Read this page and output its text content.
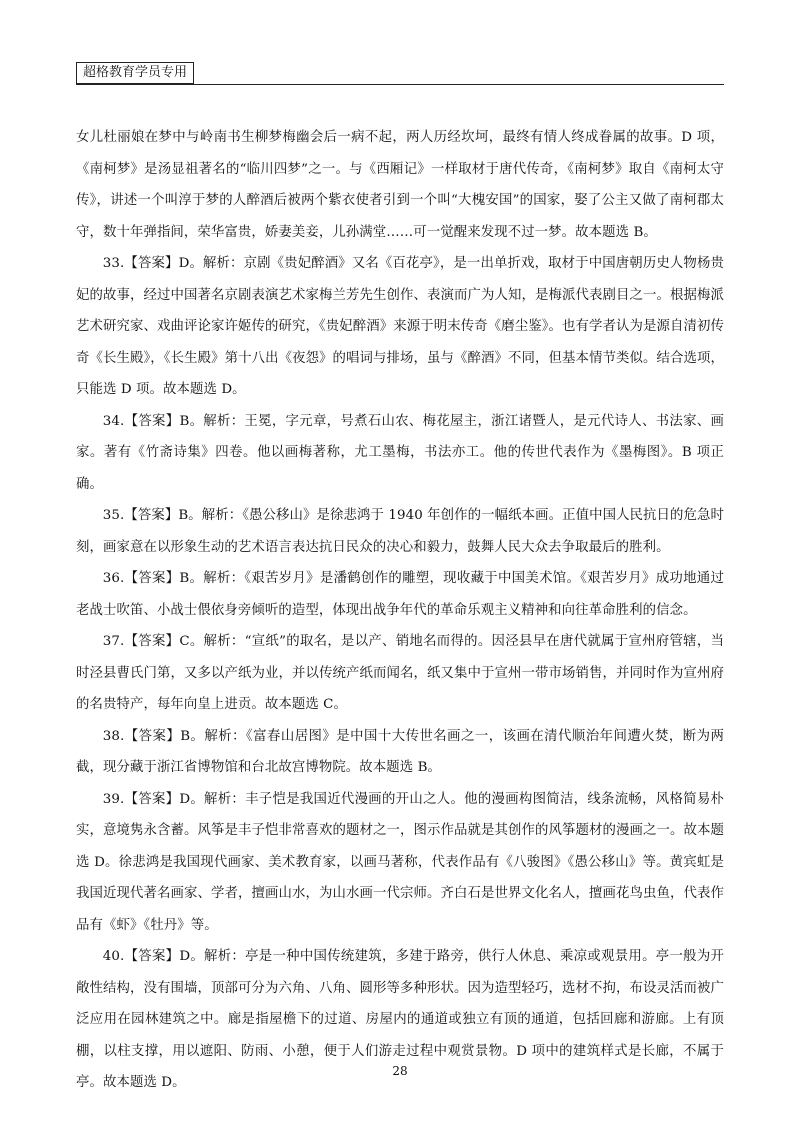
超格教育学员专用

女儿杜丽娘在梦中与岭南书生柳梦梅幽会后一病不起，两人历经坎坷，最终有情人终成眷属的故事。D 项，《南柯梦》是汤显祖著名的“临川四梦”之一。与《西厢记》一样取材于唐代传奇，《南柯梦》取自《南柯太守传》，讲述一个叫淳于梦的人醉酒后被两个紫衣使者引到一个叫“大槐安国”的国家，娶了公主又做了南柯郡太守，数十年弹指间，荣华富贵，娇妻美妾，儿孙满堂……可一觉醒来发现不过一梦。故本题选 B。

33.【答案】D。解析：京剧《贵妃醉酒》又名《百花亭》，是一出单折戏，取材于中国唐朝历史人物杨贵妃的故事，经过中国著名京剧表演艺术家梅兰芳先生创作、表演而广为人知，是梅派代表剧目之一。根据梅派艺术研究家、戏曲评论家许姬传的研究，《贵妃醉酒》来源于明末传奇《磨尘鉴》。也有学者认为是源自清初传奇《长生殿》，《长生殿》第十八出《夜怨》的唱词与排场，虽与《醉酒》不同，但基本情节类似。结合选项，只能选 D 项。故本题选 D。

34.【答案】B。解析：王冕，字元章，号煮石山农、梅花屋主，浙江诸暨人，是元代诗人、书法家、画家。著有《竹斋诗集》四卷。他以画梅著称，尤工墨梅，书法亦工。他的传世代表作为《墨梅图》。B 项正确。

35.【答案】B。解析：《愚公移山》是徐悲鸿于 1940 年创作的一幅纸本画。正值中国人民抗日的危急时刻，画家意在以形象生动的艺术语言表达抗日民众的决心和毅力，鼓舞人民大众去争取最后的胜利。

36.【答案】B。解析：《艰苦岁月》是潘鹤创作的雕塑，现收藏于中国美术馆。《艰苦岁月》成功地通过老战士吹笛、小战士偎依身旁倾听的造型，体现出战争年代的革命乐观主义精神和向往革命胜利的信念。

37.【答案】C。解析：“宣纸”的取名，是以产、销地名而得的。因泾县早在唐代就属于宣州府管辖，当时泾县曹氏门第，又多以产纸为业，并以传统产纸而闻名，纸又集中于宣州一带市场销售，并同时作为宣州府的名贵特产，每年向皇上进贡。故本题选 C。

38.【答案】B。解析：《富春山居图》是中国十大传世名画之一，该画在清代顺治年间遭火焚，断为两截，现分藏于浙江省博物馆和台北故宫博物院。故本题选 B。

39.【答案】D。解析：丰子恺是我国近代漫画的开山之人。他的漫画构图简洁，线条流畅，风格简易朴实，意境隽永含蓄。风筝是丰子恺非常喜欢的题材之一，图示作品就是其创作的风筝题材的漫画之一。故本题选 D。徐悲鸿是我国现代画家、美术教育家，以画马著称，代表作品有《八骏图》《愚公移山》等。黄宾虹是我国近现代著名画家、学者，擅画山水，为山水画一代宗师。齐白石是世界文化名人，擅画花鸟虫鱼，代表作品有《虾》《牡丹》等。

40.【答案】D。解析：亭是一种中国传统建筑，多建于路旁，供行人休息、乘凉或观景用。亭一般为开敞性结构，没有围墙，顶部可分为六角、八角、圆形等多种形状。因为造型轻巧，选材不拘，布设灵活而被广泛应用在园林建筑之中。廊是指屋檐下的过道、房屋内的通道或独立有顶的通道，包括回廊和游廊。上有顶棚，以柱支撑，用以遮阳、防雨、小憩，便于人们游走过程中观赏景物。D 项中的建筑样式是长廊，不属于亭。故本题选 D。

28
